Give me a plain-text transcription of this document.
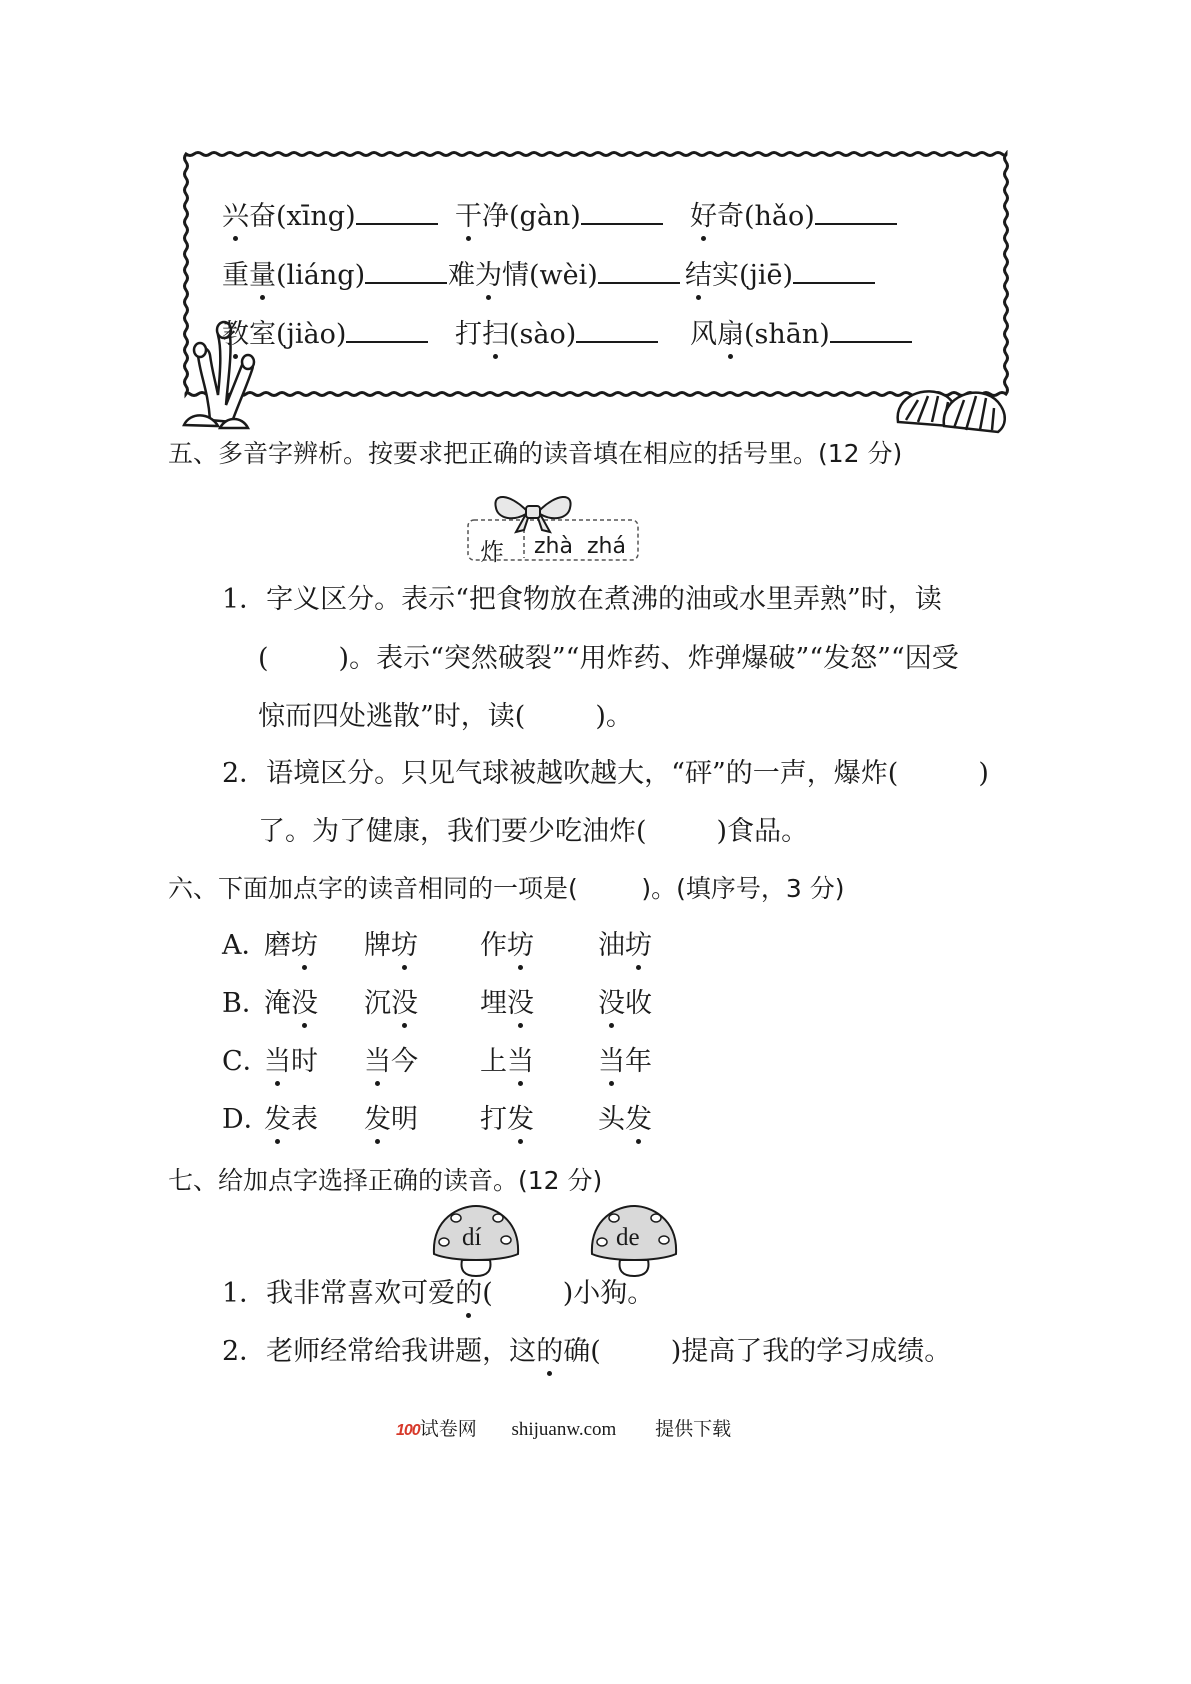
兴奋(xīng)	干净(gàn)	好奇(hǎo)
重量(liáng)	难为情(wèi)	结实(jiē)
教室(jiào)	打扫(sào)	风扇(shān)
五、多音字辨析。按要求把正确的读音填在相应的括号里。(12 分)
炸 zhà  zhá
1．字义区分。表示“把食物放在煮沸的油或水里弄熟”时，读
(	)。表示“突然破裂”“用炸药、炸弹爆破”“发怒”“因受
惊而四处逃散”时，读(	)。
2．语境区分。只见气球被越吹越大，“砰”的一声，爆炸(	)
了。为了健康，我们要少吃油炸(	)食品。
六、下面加点字的读音相同的一项是(        )。(填序号，3 分)
A．
磨坊 牌坊 作坊 油坊
B．
淹没 沉没 埋没 没收
C．
当时 当今 上当 当年
D．
发表 发明 打发 头发
七、给加点字选择正确的读音。(12 分)
dí	de
1．我非常喜欢可爱的(	)小狗。
2．老师经常给我讲题，这的确(	)提高了我的学习成绩。
100试卷网 shijuanw.com 提供下载
